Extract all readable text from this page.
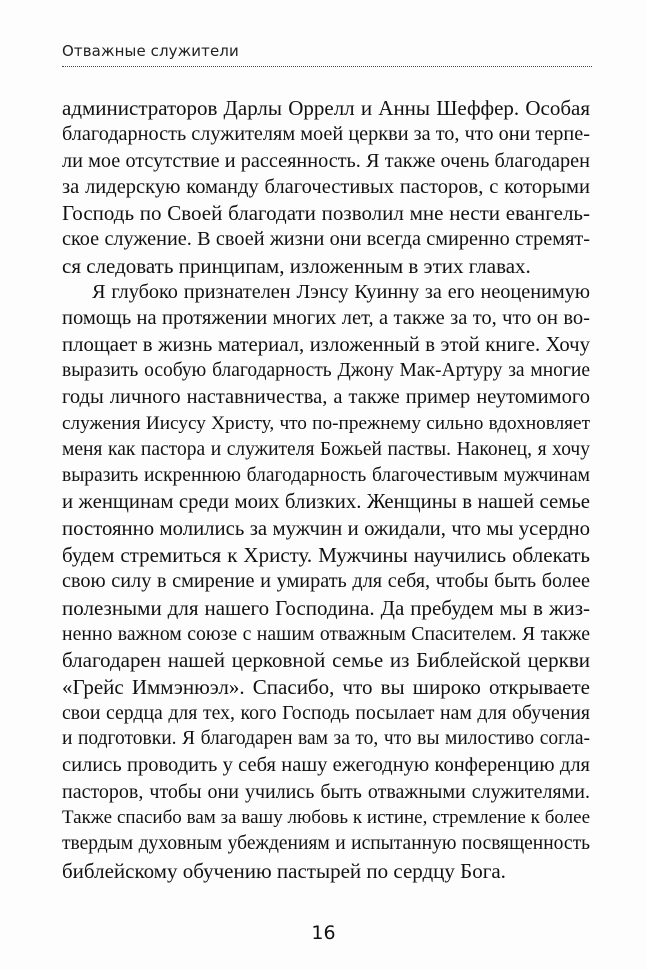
Отважные служители
администраторов Дарлы Оррелл и Анны Шеффер. Особая
благодарность служителям моей церкви за то, что они терпе-
ли мое отсутствие и рассеянность. Я также очень благодарен
за лидерскую команду благочестивых пасторов, с которыми
Господь по Своей благодати позволил мне нести евангель-
ское служение. В своей жизни они всегда смиренно стремят-
ся следовать принципам, изложенным в этих главах.
Я глубоко признателен Лэнсу Куинну за его неоценимую
помощь на протяжении многих лет, а также за то, что он во-
площает в жизнь материал, изложенный в этой книге. Хочу
выразить особую благодарность Джону Мак-Артуру за многие
годы личного наставничества, а также пример неутомимого
служения Иисусу Христу, что по-прежнему сильно вдохновляет
меня как пастора и служителя Божьей паствы. Наконец, я хочу
выразить искреннюю благодарность благочестивым мужчинам
и женщинам среди моих близких. Женщины в нашей семье
постоянно молились за мужчин и ожидали, что мы усердно
будем стремиться к Христу. Мужчины научились облекать
свою силу в смирение и умирать для себя, чтобы быть более
полезными для нашего Господина. Да пребудем мы в жиз-
ненно важном союзе с нашим отважным Спасителем. Я также
благодарен нашей церковной семье из Библейской церкви
«Грейс Иммэнюэл». Спасибо, что вы широко открываете
свои сердца для тех, кого Господь посылает нам для обучения
и подготовки. Я благодарен вам за то, что вы милостиво согла-
сились проводить у себя нашу ежегодную конференцию для
пасторов, чтобы они учились быть отважными служителями.
Также спасибо вам за вашу любовь к истине, стремление к более
твердым духовным убеждениям и испытанную посвященность
библейскому обучению пастырей по сердцу Бога.
16
